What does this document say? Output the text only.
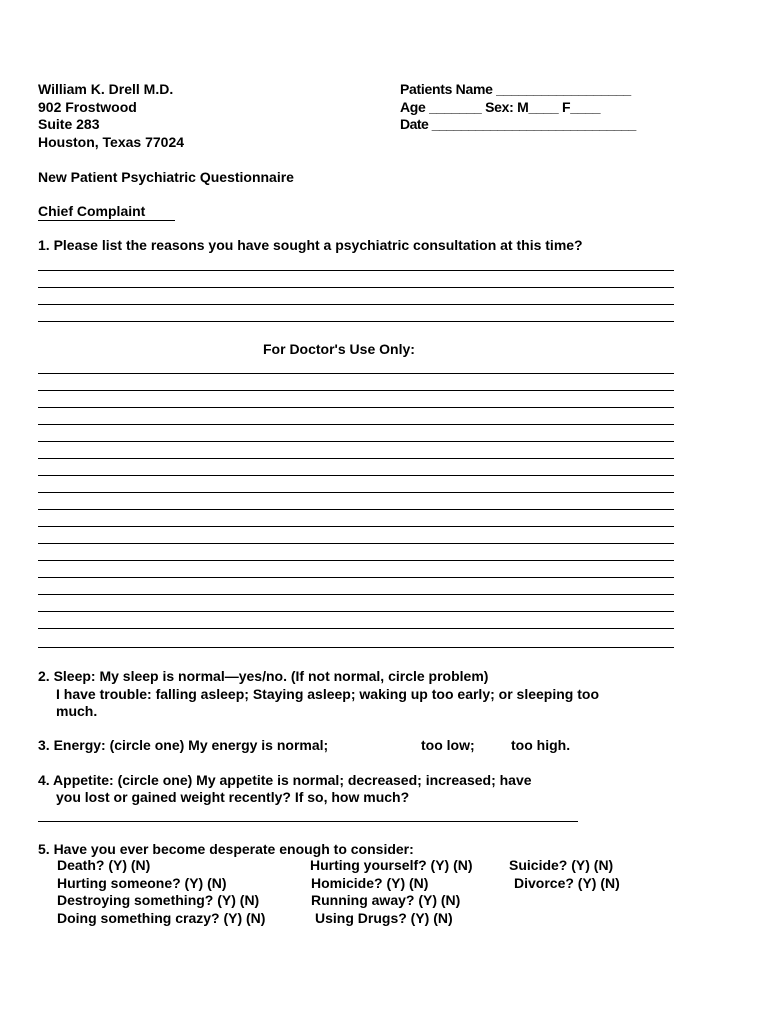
William K. Drell M.D.
902 Frostwood
Suite 283
Houston, Texas 77024
Patients Name __________________
Age _______ Sex: M____ F____
Date ____________________________
New Patient Psychiatric Questionnaire
Chief Complaint
1. Please list the reasons you have sought a psychiatric consultation at this time?
For Doctor's Use Only:
2. Sleep: My sleep is normal—yes/no. (If not normal, circle problem)
I have trouble: falling asleep; Staying asleep; waking up too early; or sleeping too
much.
3. Energy: (circle one) My energy is normal;	too low;	too high.
4. Appetite: (circle one) My appetite is normal; decreased; increased; have
you lost or gained weight recently? If so, how much?
5. Have you ever become desperate enough to consider:
Death? (Y) (N)
Hurting someone? (Y) (N)
Destroying something? (Y) (N)
Doing something crazy? (Y) (N)
Hurting yourself? (Y) (N)
Homicide? (Y) (N)
Running away? (Y) (N)
Using Drugs? (Y) (N)
Suicide? (Y) (N)
Divorce? (Y) (N)
